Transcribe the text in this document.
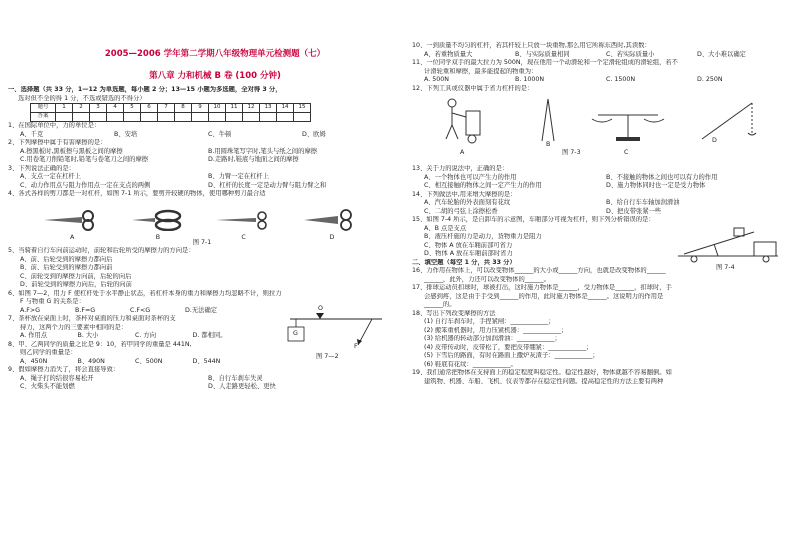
2005—2006 学年第二学期八年级物理单元检测题（七）
第八章 力和机械 B 卷 (100 分钟)
一、选择题（共 33 分，1—12 为单选题，每小题 2 分；13—15 小题为多选题，全对得 3 分，
选对但不全的得 1 分，不选或错选的不得分）
题号	1	2	3	4	5	6	7	8	9	10	11	12	13	14	15
答案															
1、在国际单位中，力的单位是：
A、千克	B、安培	C、牛顿	D、欧姆
2、下列摩擦中属于有害摩擦的是：
A.擦黑板时,黑板擦与黑板之间的摩擦	B.用圆珠笔写字时,笔头与纸之间的摩擦
C.用卷笔刀削铅笔时,铅笔与卷笔刀之间的摩擦	D.走路时,鞋底与地面之间的摩擦
3、下列说法正确的是：
A、支点一定在杠杆上	B、力臂一定在杠杆上
C、动力作用点与阻力作用点一定在支点的两侧	D、杠杆的长度一定是动力臂与阻力臂之和
4、各式各样的剪刀都是一对杠杆，如图 7-1 所示，要剪开较硬的物体，使用哪种剪刀最合适
A	B	C	D
图 7-1
5、当骑着自行车向前运动时，前轮和后轮所受的摩擦力的方向是：
A、前、后轮受到的摩擦力都向后
B、前、后轮受到的摩擦力都向前
C、前轮受到的摩擦力向前，后轮的向后
D、前轮受到的摩擦力向后，后轮的向前
6、如图 7—2，用力 F 使杠杆处于水平静止状态，若杠杆本身的重力和摩擦力均忽略不计，则拉力
F 与物重 G 的关系是：
A.F>G	B.F=G	C.F<G	D.无法确定
7、茶杯放在桌面上时，茶杯对桌面的压力和桌面对茶杯的支
持力，这两个力的三要素中相同的是：
A. 作用点	B. 大小	C. 方向	D. 都相同。
8、甲、乙两同学的质量之比是 9：10，若甲同学的重量是 441N,
则乙同学的重量是：
A、450N	B、490N	C、500N	D、544N
O
G
F
图 7—2
9、假如摩擦力消失了，将会直接导致：
A、绳子打的结很容易松开	B、自行车刹车失灵
C、火柴头不能划燃	D、人走路更轻松、更快
10、一到质量不均匀的杠杆，若其杆较上只放一块重物,那么用它所称东西时,其读数：
A、若重物质量大	B、与实际质量相同	C、若实际质量小	D、大小难以确定
11、一位同学双手的最大拉力为 500N，现在他用一个动滑轮和一个定滑轮组成的滑轮组，若不
计滑轮重和摩擦，最多能提起的物重为：
A. 500N	B. 1000N	C. 1500N	D. 250N
12、下列工具或仪器中属于省力杠杆的是：
A
B
图 7-3	C
D
13、关于力的说法中，正确的是：
A、一个物体也可以产生力的作用	B、不接触的物体之间也可以有力的作用
C、相互接触的物体之间一定产生力的作用	D、施力物体同时也一定是受力物体
14、下列做法中,用来增大摩擦的是：
A、汽车轮胎的外表面刻有花纹	B、给自行车车轴加润滑油
C、二胡的弓弦上涂擦松香	D、把皮带张紧一些
15、如图 7-4 所示，是自卸车的示意图，车厢部分可视为杠杆，则下列分析错误的是：
A、B 点是支点
B、液压杆施的力是动力，货物重力是阻力
C、物体 A 放在车厢前部可省力
D、物体 A 放在车厢前部时省力
图 7-4
二、填空题（每空 1 分，共 33 分）
16、力作用在物体上，可以改变物体______的大小或______方向，也就是改变物体的______
______，此外，力还可以改变物体的______。
17、排球运动员扣球时，球被打出，这时施力物体是______，受力物体是______，扣球时，手
会感到疼，这是由于手受到______的作用，此时施力物体是______。这说明力的作用是
______的。
18、写出下列改变摩擦的方法
(1) 自行车刹车时，手捏紧闸：____________；
(2) 搬笨重机器时，用力压紧机器：____________；
(3) 给机器的转动部分加润滑油：____________；
(4) 皮带传动时，皮带松了，要把皮带绷紧：____________；
(5) 下雪后的路面，有时在路面上撒炉灰渣子：____________；
(6) 鞋底有花纹：____________。
19、我们通常把物体在支持面上的稳定程度叫稳定性。稳定性越好，物体就越不容易翻倒。如
建筑物、机器、车船、飞机、仪表等都存在稳定性问题。提高稳定性的方法主要有两种
